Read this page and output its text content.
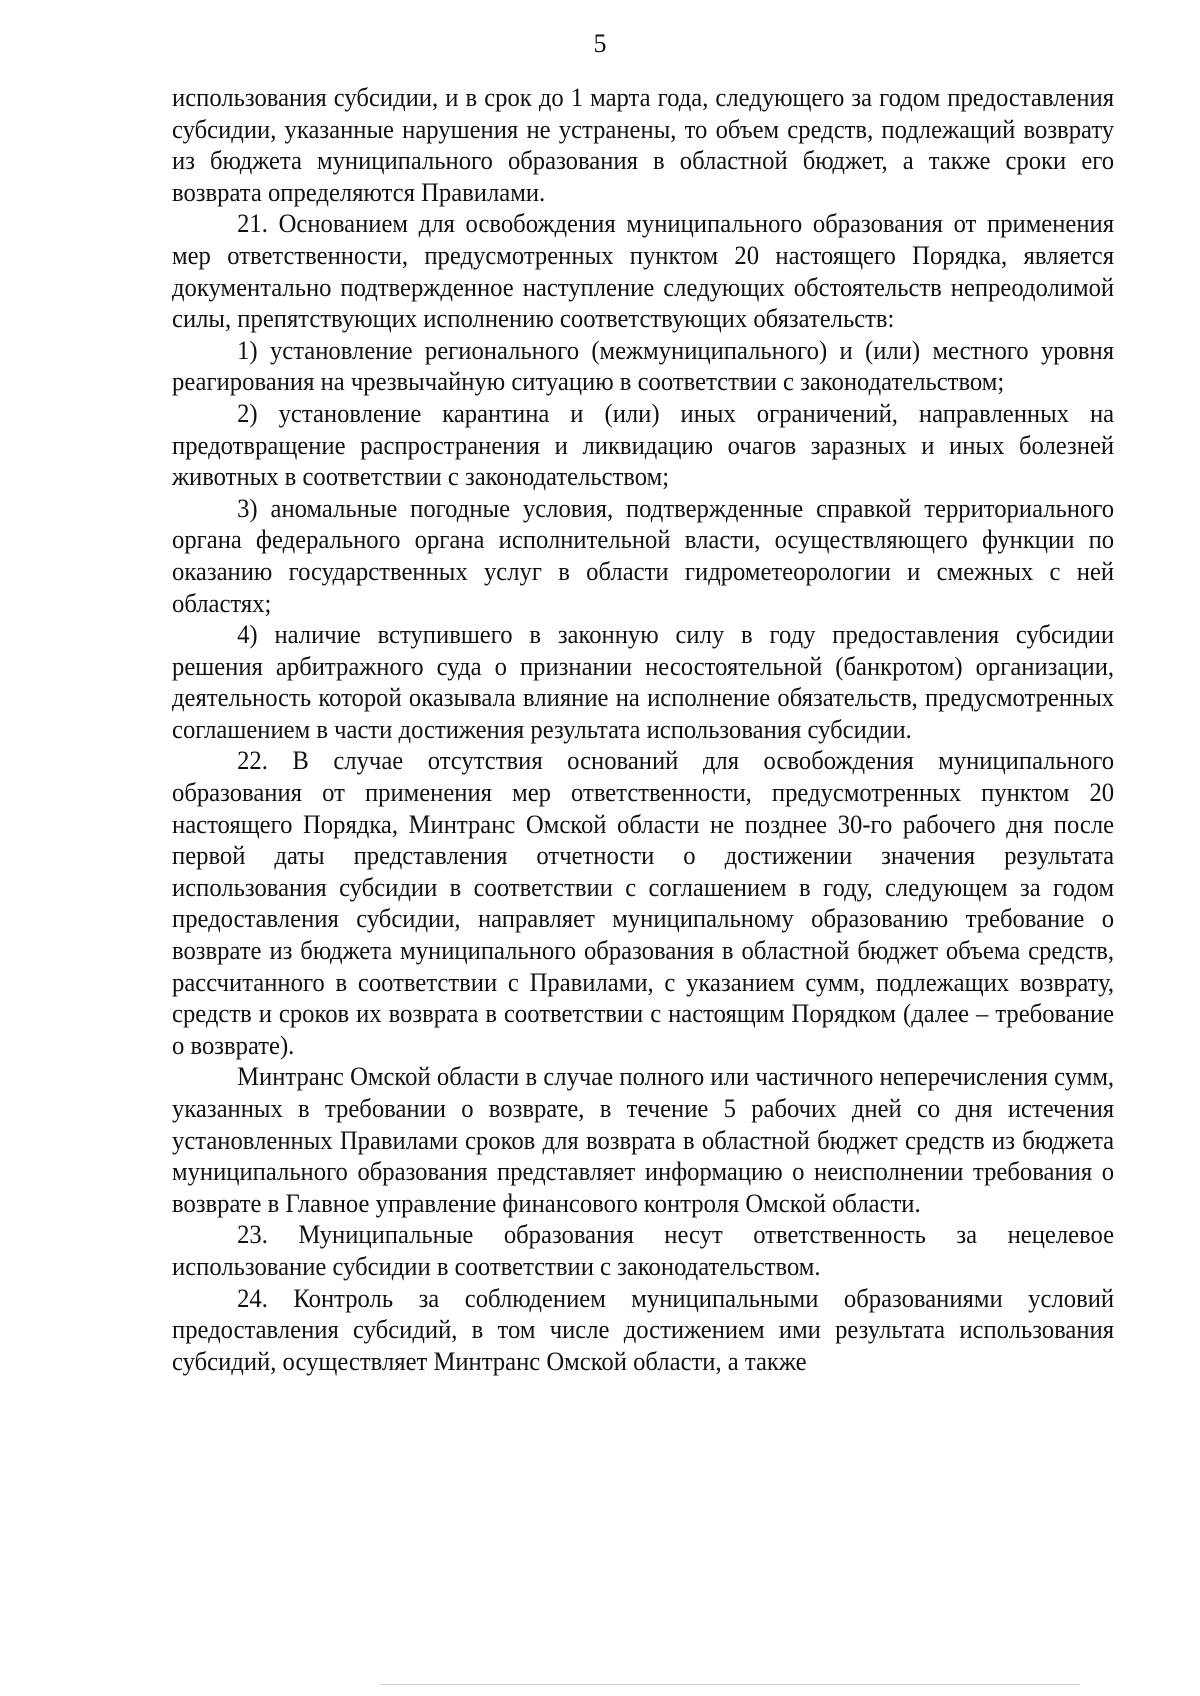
5

использования субсидии, и в срок до 1 марта года, следующего за годом предоставления субсидии, указанные нарушения не устранены, то объем средств, подлежащий возврату из бюджета муниципального образования в областной бюджет, а также сроки его возврата определяются Правилами.

21. Основанием для освобождения муниципального образования от применения мер ответственности, предусмотренных пунктом 20 настоящего Порядка, является документально подтвержденное наступление следующих обстоятельств непреодолимой силы, препятствующих исполнению соответствующих обязательств:

1) установление регионального (межмуниципального) и (или) местного уровня реагирования на чрезвычайную ситуацию в соответствии с законодательством;

2) установление карантина и (или) иных ограничений, направленных на предотвращение распространения и ликвидацию очагов заразных и иных болезней животных в соответствии с законодательством;

3) аномальные погодные условия, подтвержденные справкой территориального органа федерального органа исполнительной власти, осуществляющего функции по оказанию государственных услуг в области гидрометеорологии и смежных с ней областях;

4) наличие вступившего в законную силу в году предоставления субсидии решения арбитражного суда о признании несостоятельной (банкротом) организации, деятельность которой оказывала влияние на исполнение обязательств, предусмотренных соглашением в части достижения результата использования субсидии.

22. В случае отсутствия оснований для освобождения муниципального образования от применения мер ответственности, предусмотренных пунктом 20 настоящего Порядка, Минтранс Омской области не позднее 30-го рабочего дня после первой даты представления отчетности о достижении значения результата использования субсидии в соответствии с соглашением в году, следующем за годом предоставления субсидии, направляет муниципальному образованию требование о возврате из бюджета муниципального образования в областной бюджет объема средств, рассчитанного в соответствии с Правилами, с указанием сумм, подлежащих возврату, средств и сроков их возврата в соответствии с настоящим Порядком (далее – требование о возврате).

Минтранс Омской области в случае полного или частичного неперечисления сумм, указанных в требовании о возврате, в течение 5 рабочих дней со дня истечения установленных Правилами сроков для возврата в областной бюджет средств из бюджета муниципального образования представляет информацию о неисполнении требования о возврате в Главное управление финансового контроля Омской области.

23. Муниципальные образования несут ответственность за нецелевое использование субсидии в соответствии с законодательством.

24. Контроль за соблюдением муниципальными образованиями условий предоставления субсидий, в том числе достижением ими результата использования субсидий, осуществляет Минтранс Омской области, а также
